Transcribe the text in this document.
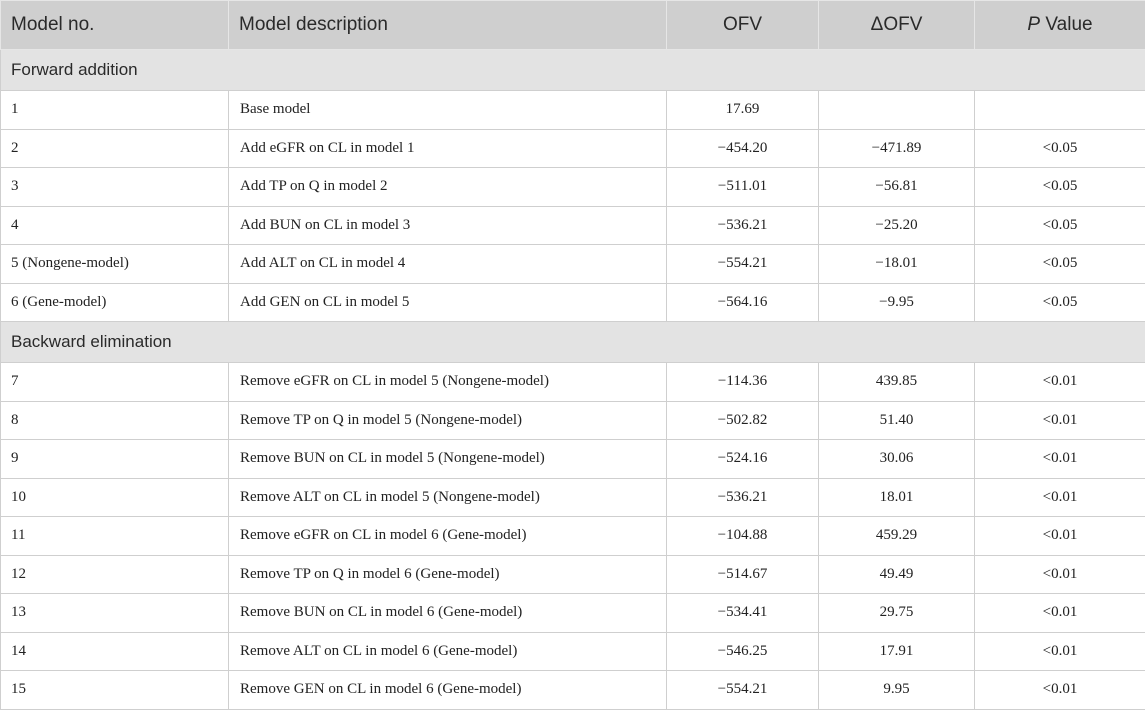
Model no.	Model description	OFV	ΔOFV	P Value
Forward addition				
1	Base model	17.69		
2	Add eGFR on CL in model 1	−454.20	−471.89	<0.05
3	Add TP on Q in model 2	−511.01	−56.81	<0.05
4	Add BUN on CL in model 3	−536.21	−25.20	<0.05
5 (Nongene-model)	Add ALT on CL in model 4	−554.21	−18.01	<0.05
6 (Gene-model)	Add GEN on CL in model 5	−564.16	−9.95	<0.05
Backward elimination				
7	Remove eGFR on CL in model 5 (Nongene-model)	−114.36	439.85	<0.01
8	Remove TP on Q in model 5 (Nongene-model)	−502.82	51.40	<0.01
9	Remove BUN on CL in model 5 (Nongene-model)	−524.16	30.06	<0.01
10	Remove ALT on CL in model 5 (Nongene-model)	−536.21	18.01	<0.01
11	Remove eGFR on CL in model 6 (Gene-model)	−104.88	459.29	<0.01
12	Remove TP on Q in model 6 (Gene-model)	−514.67	49.49	<0.01
13	Remove BUN on CL in model 6 (Gene-model)	−534.41	29.75	<0.01
14	Remove ALT on CL in model 6 (Gene-model)	−546.25	17.91	<0.01
15	Remove GEN on CL in model 6 (Gene-model)	−554.21	9.95	<0.01
